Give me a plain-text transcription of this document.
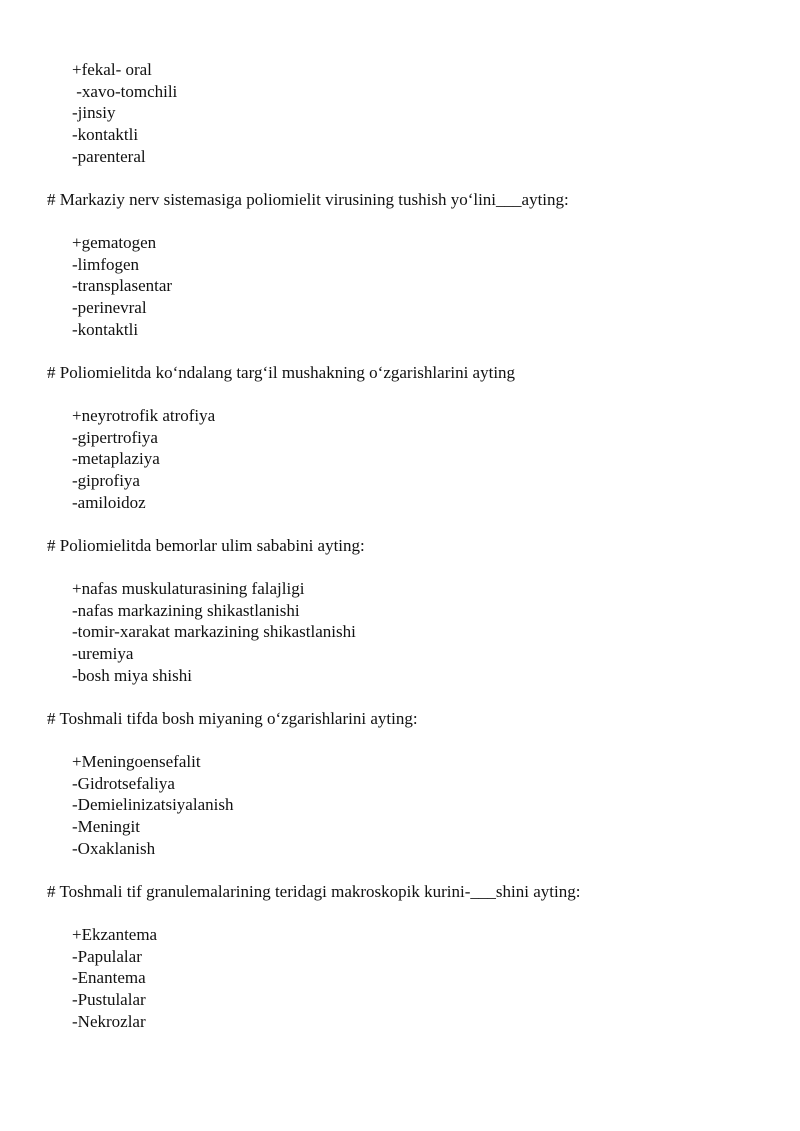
+fekal- oral
-xavo-tomchili
-jinsiy
-kontaktli
-parenteral
# Markaziy nerv sistemasiga poliomielit virusining tushish yo‘lini___ayting:
+gematogen
-limfogen
-transplasentar
-perinevral
-kontaktli
# Poliomielitda ko‘ndalang targ‘il mushakning o‘zgarishlarini ayting
+neyrotrofik atrofiya
-gipertrofiya
-metaplaziya
-giprofiya
-amiloidoz
# Poliomielitda bemorlar ulim sababini ayting:
+nafas muskulaturasining falajligi
-nafas markazining shikastlanishi
-tomir-xarakat markazining shikastlanishi
-uremiya
-bosh miya shishi
# Toshmali tifda bosh miyaning o‘zgarishlarini ayting:
+Meningoensefalit
-Gidrotsefaliya
-Demielinizatsiyalanish
-Meningit
-Oxaklanish
# Toshmali tif granulemalarining teridagi makroskopik kurini-___shini ayting:
+Ekzantema
-Papulalar
-Enantema
-Pustulalar
-Nekrozlar
